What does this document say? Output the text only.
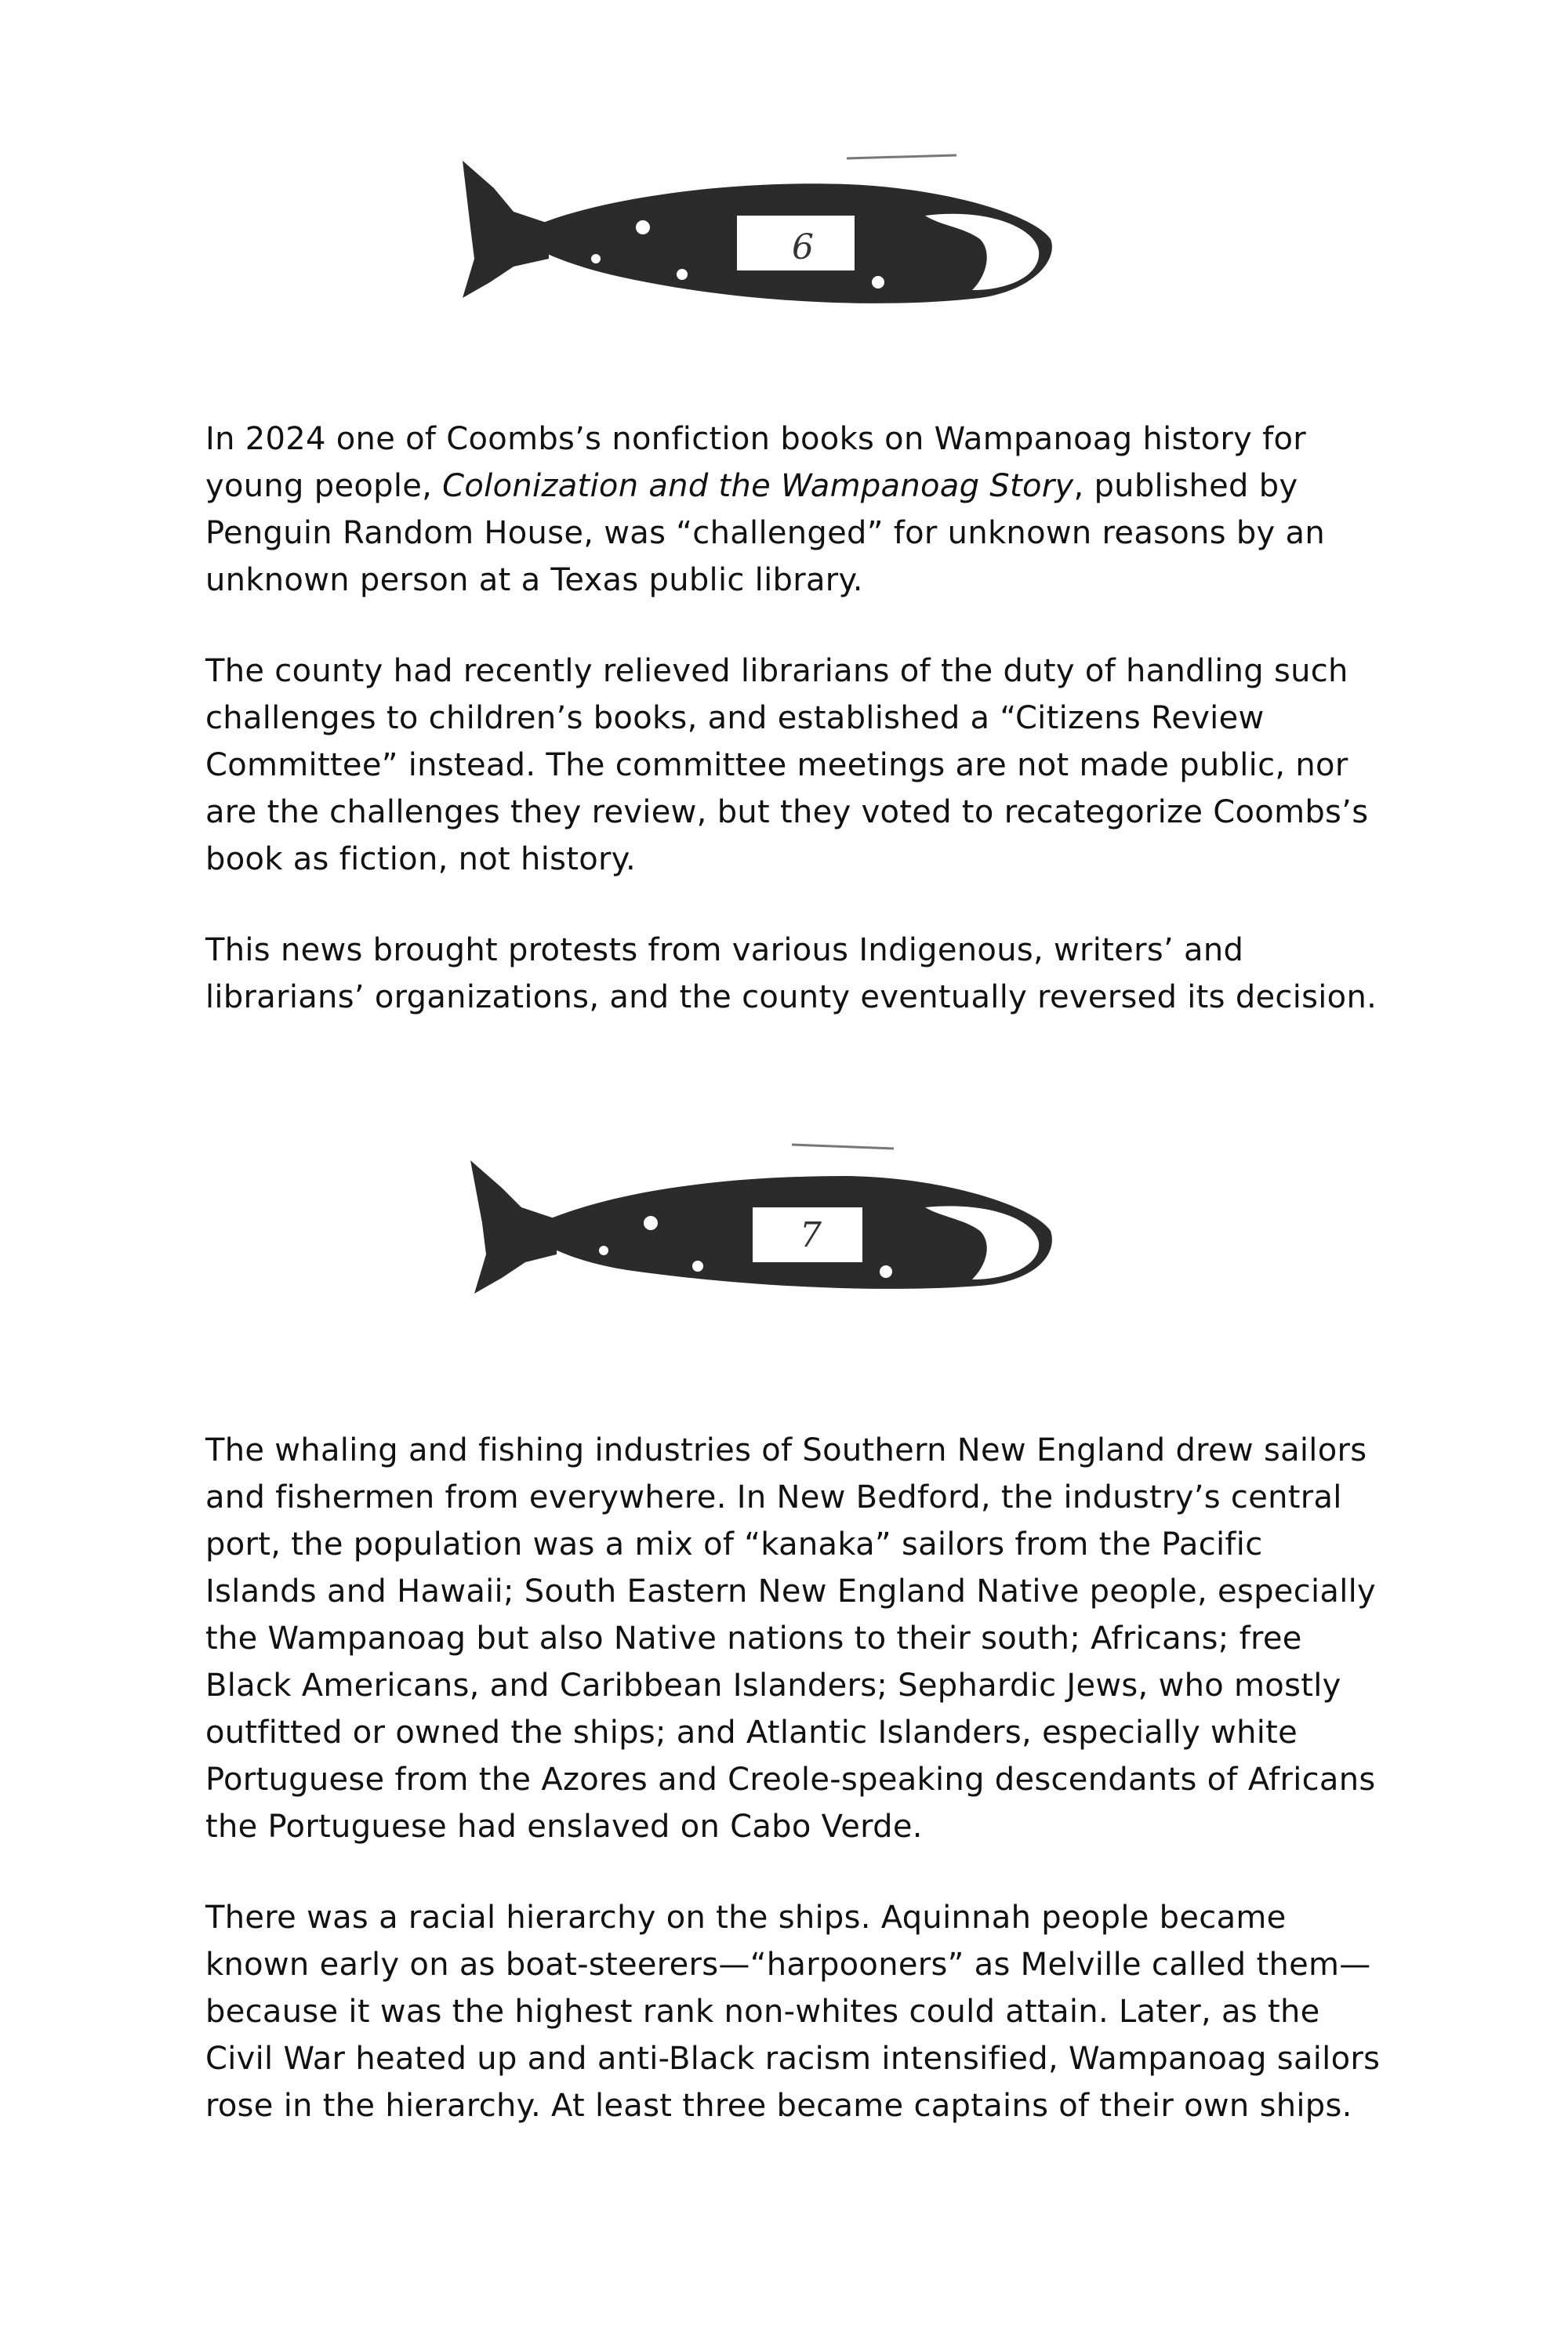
6

In 2024 one of Coombs’s nonfiction books on Wampanoag history for young people, Colonization and the Wampanoag Story, published by Penguin Random House, was “challenged” for unknown reasons by an unknown person at a Texas public library.

The county had recently relieved librarians of the duty of handling such challenges to children’s books, and established a “Citizens Review Committee” instead. The committee meetings are not made public, nor are the challenges they review, but they voted to recategorize Coombs’s book as fiction, not history.

This news brought protests from various Indigenous, writers’ and librarians’ organizations, and the county eventually reversed its decision.

7

The whaling and fishing industries of Southern New England drew sailors and fishermen from everywhere. In New Bedford, the industry’s central port, the population was a mix of “kanaka” sailors from the Pacific Islands and Hawaii; South Eastern New England Native people, especially the Wampanoag but also Native nations to their south; Africans; free Black Americans, and Caribbean Islanders; Sephardic Jews, who mostly outfitted or owned the ships; and Atlantic Islanders, especially white Portuguese from the Azores and Creole-speaking descendants of Africans the Portuguese had enslaved on Cabo Verde.

There was a racial hierarchy on the ships. Aquinnah people became known early on as boat-steerers—“harpooners” as Melville called them—because it was the highest rank non-whites could attain. Later, as the Civil War heated up and anti-Black racism intensified, Wampanoag sailors rose in the hierarchy. At least three became captains of their own ships.
